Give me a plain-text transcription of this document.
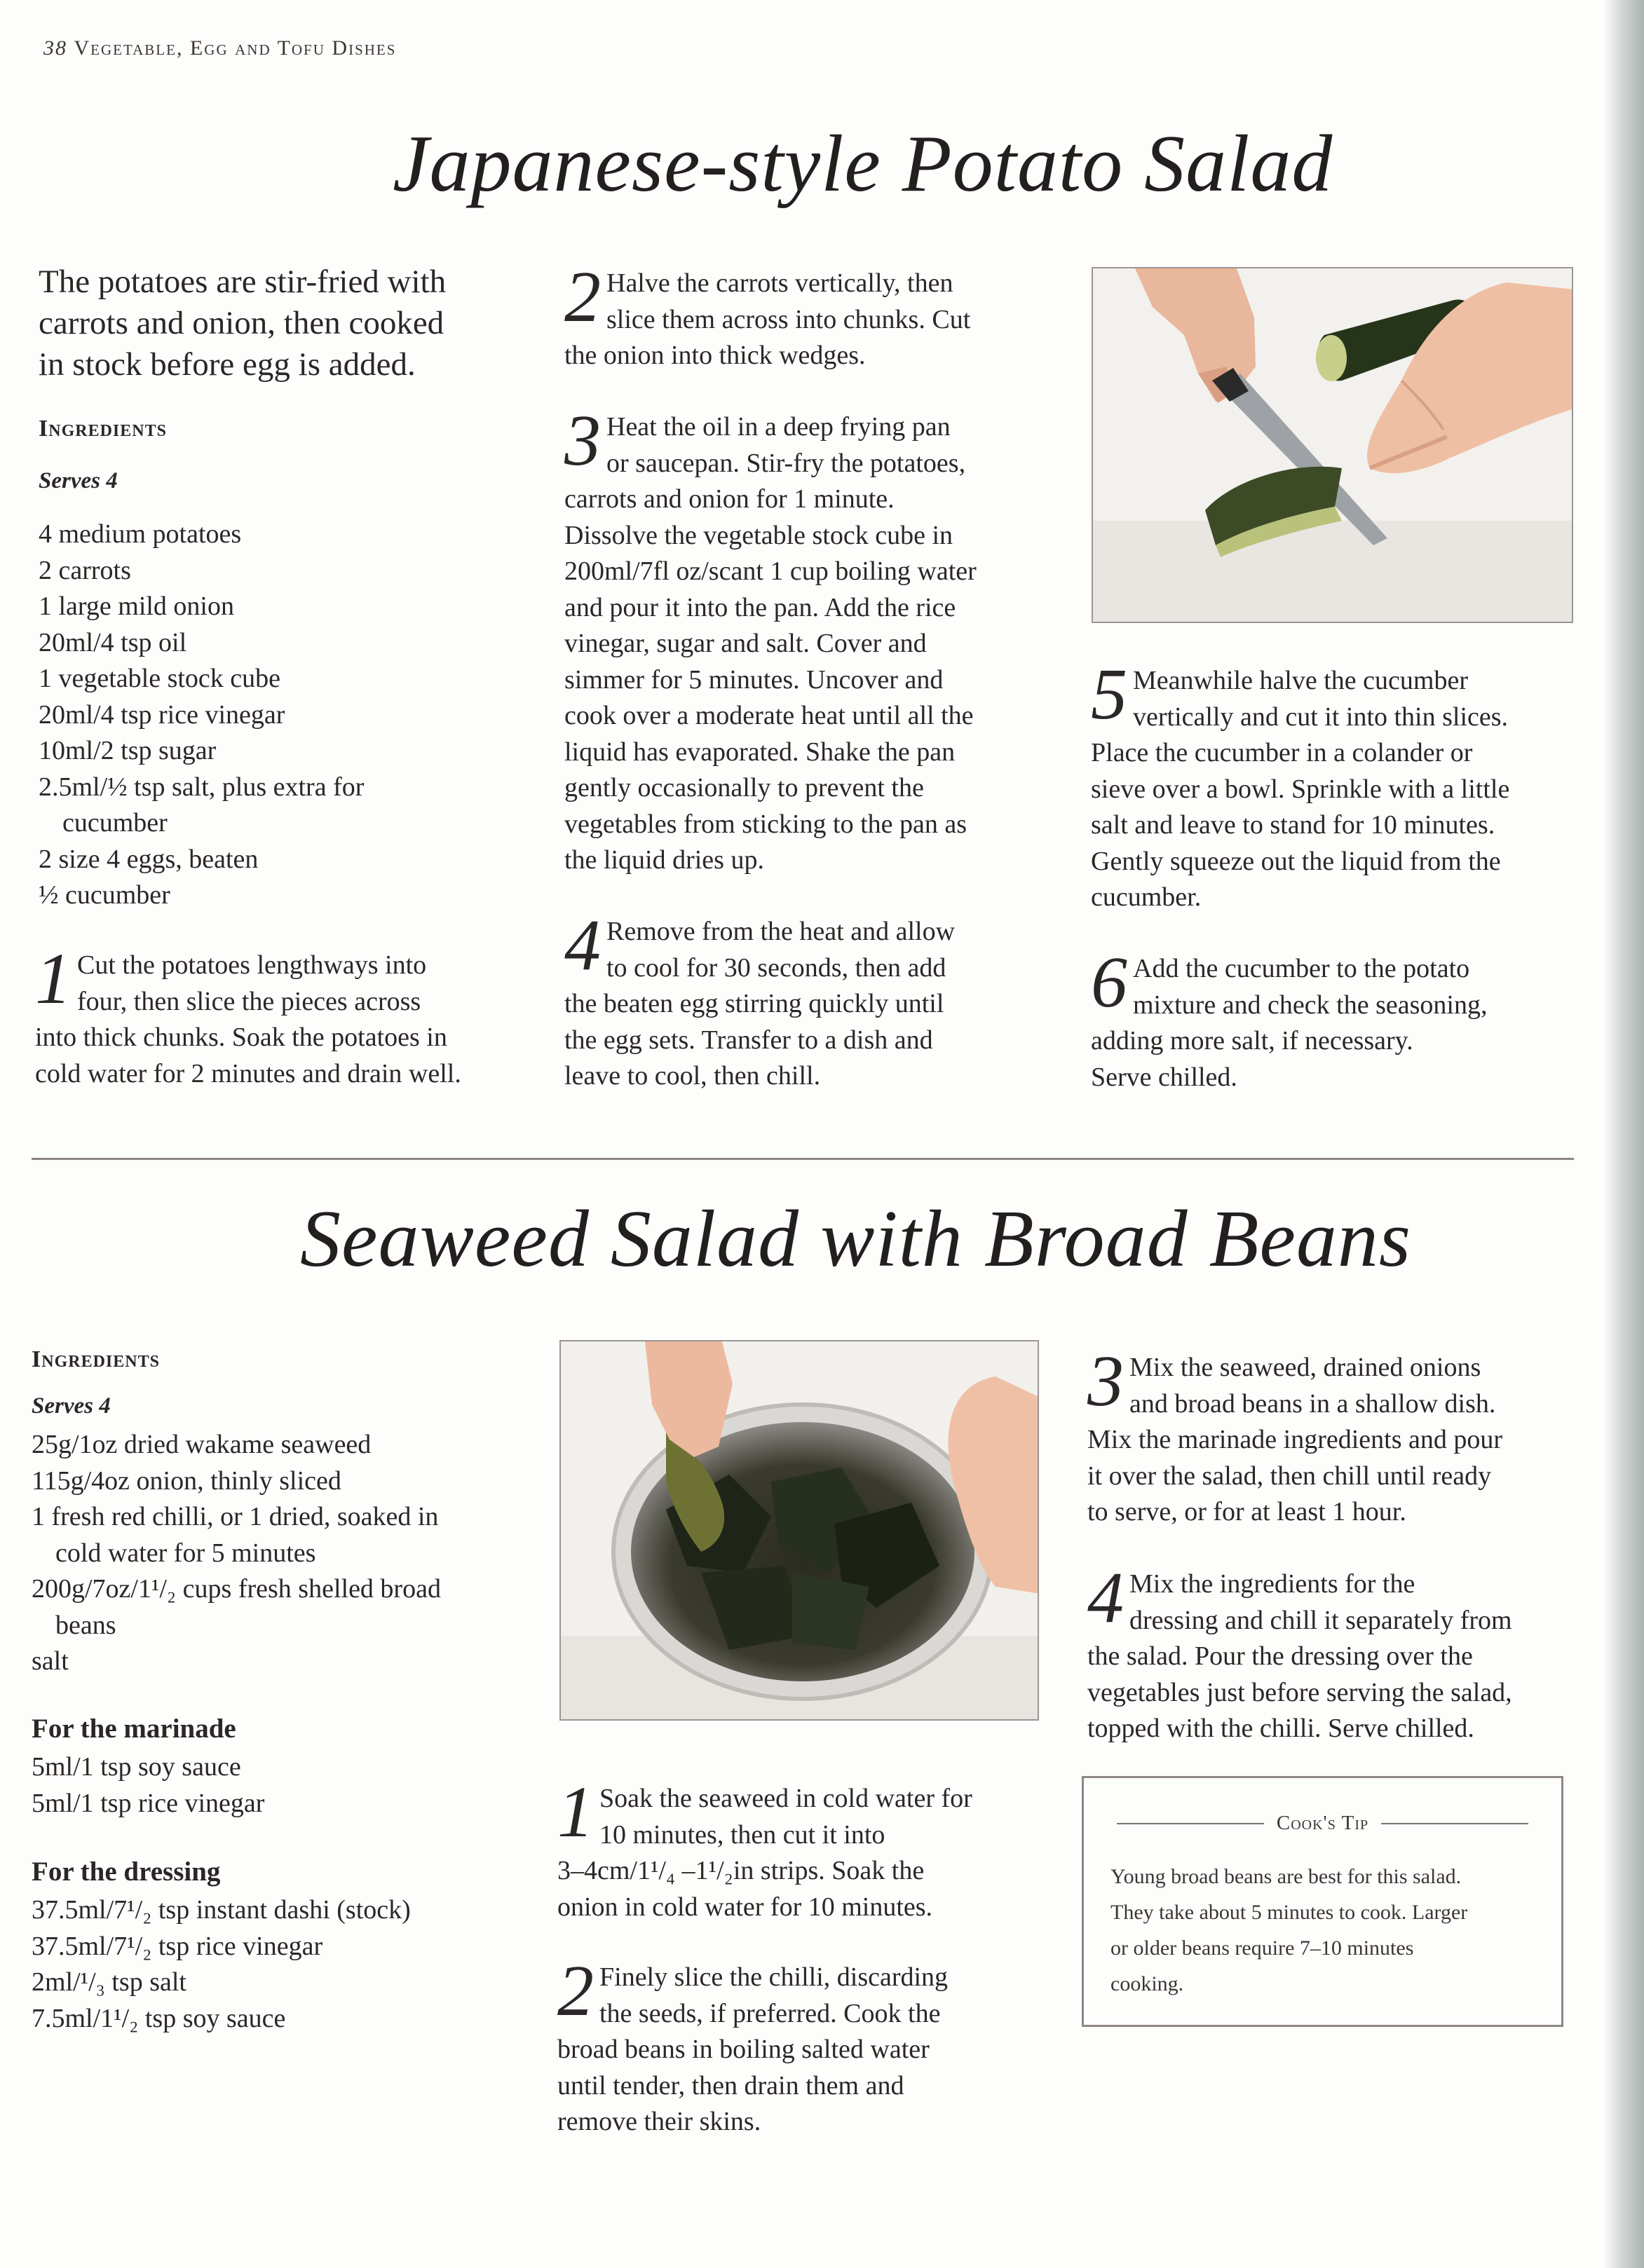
38 Vegetable, Egg and Tofu Dishes
Japanese-style Potato Salad
The potatoes are stir-fried with
carrots and onion, then cooked
in stock before egg is added.
Ingredients
Serves 4
4 medium potatoes
2 carrots
1 large mild onion
20ml/4 tsp oil
1 vegetable stock cube
20ml/4 tsp rice vinegar
10ml/2 tsp sugar
2.5ml/½ tsp salt, plus extra for
cucumber
2 size 4 eggs, beaten
½ cucumber
1 Cut the potatoes lengthways into
four, then slice the pieces across
into thick chunks. Soak the potatoes in
cold water for 2 minutes and drain well.
2 Halve the carrots vertically, then
slice them across into chunks. Cut
the onion into thick wedges.
3 Heat the oil in a deep frying pan
or saucepan. Stir-fry the potatoes,
carrots and onion for 1 minute.
Dissolve the vegetable stock cube in
200ml/7fl oz/scant 1 cup boiling water
and pour it into the pan. Add the rice
vinegar, sugar and salt. Cover and
simmer for 5 minutes. Uncover and
cook over a moderate heat until all the
liquid has evaporated. Shake the pan
gently occasionally to prevent the
vegetables from sticking to the pan as
the liquid dries up.
4 Remove from the heat and allow
to cool for 30 seconds, then add
the beaten egg stirring quickly until
the egg sets. Transfer to a dish and
leave to cool, then chill.
5 Meanwhile halve the cucumber
vertically and cut it into thin slices.
Place the cucumber in a colander or
sieve over a bowl. Sprinkle with a little
salt and leave to stand for 10 minutes.
Gently squeeze out the liquid from the
cucumber.
6 Add the cucumber to the potato
mixture and check the seasoning,
adding more salt, if necessary.
Serve chilled.
Seaweed Salad with Broad Beans
Ingredients
Serves 4
25g/1oz dried wakame seaweed
115g/4oz onion, thinly sliced
1 fresh red chilli, or 1 dried, soaked in
cold water for 5 minutes
200g/7oz/1¹/₂ cups fresh shelled broad
beans
salt
For the marinade
5ml/1 tsp soy sauce
5ml/1 tsp rice vinegar
For the dressing
37.5ml/7¹/₂ tsp instant dashi (stock)
37.5ml/7¹/₂ tsp rice vinegar
2ml/¹/₃ tsp salt
7.5ml/1¹/₂ tsp soy sauce
1 Soak the seaweed in cold water for
10 minutes, then cut it into
3–4cm/1¹/₄ –1¹/₂in strips. Soak the
onion in cold water for 10 minutes.
2 Finely slice the chilli, discarding
the seeds, if preferred. Cook the
broad beans in boiling salted water
until tender, then drain them and
remove their skins.
3 Mix the seaweed, drained onions
and broad beans in a shallow dish.
Mix the marinade ingredients and pour
it over the salad, then chill until ready
to serve, or for at least 1 hour.
4 Mix the ingredients for the
dressing and chill it separately from
the salad. Pour the dressing over the
vegetables just before serving the salad,
topped with the chilli. Serve chilled.
Cook's Tip
Young broad beans are best for this salad.
They take about 5 minutes to cook. Larger
or older beans require 7–10 minutes
cooking.
